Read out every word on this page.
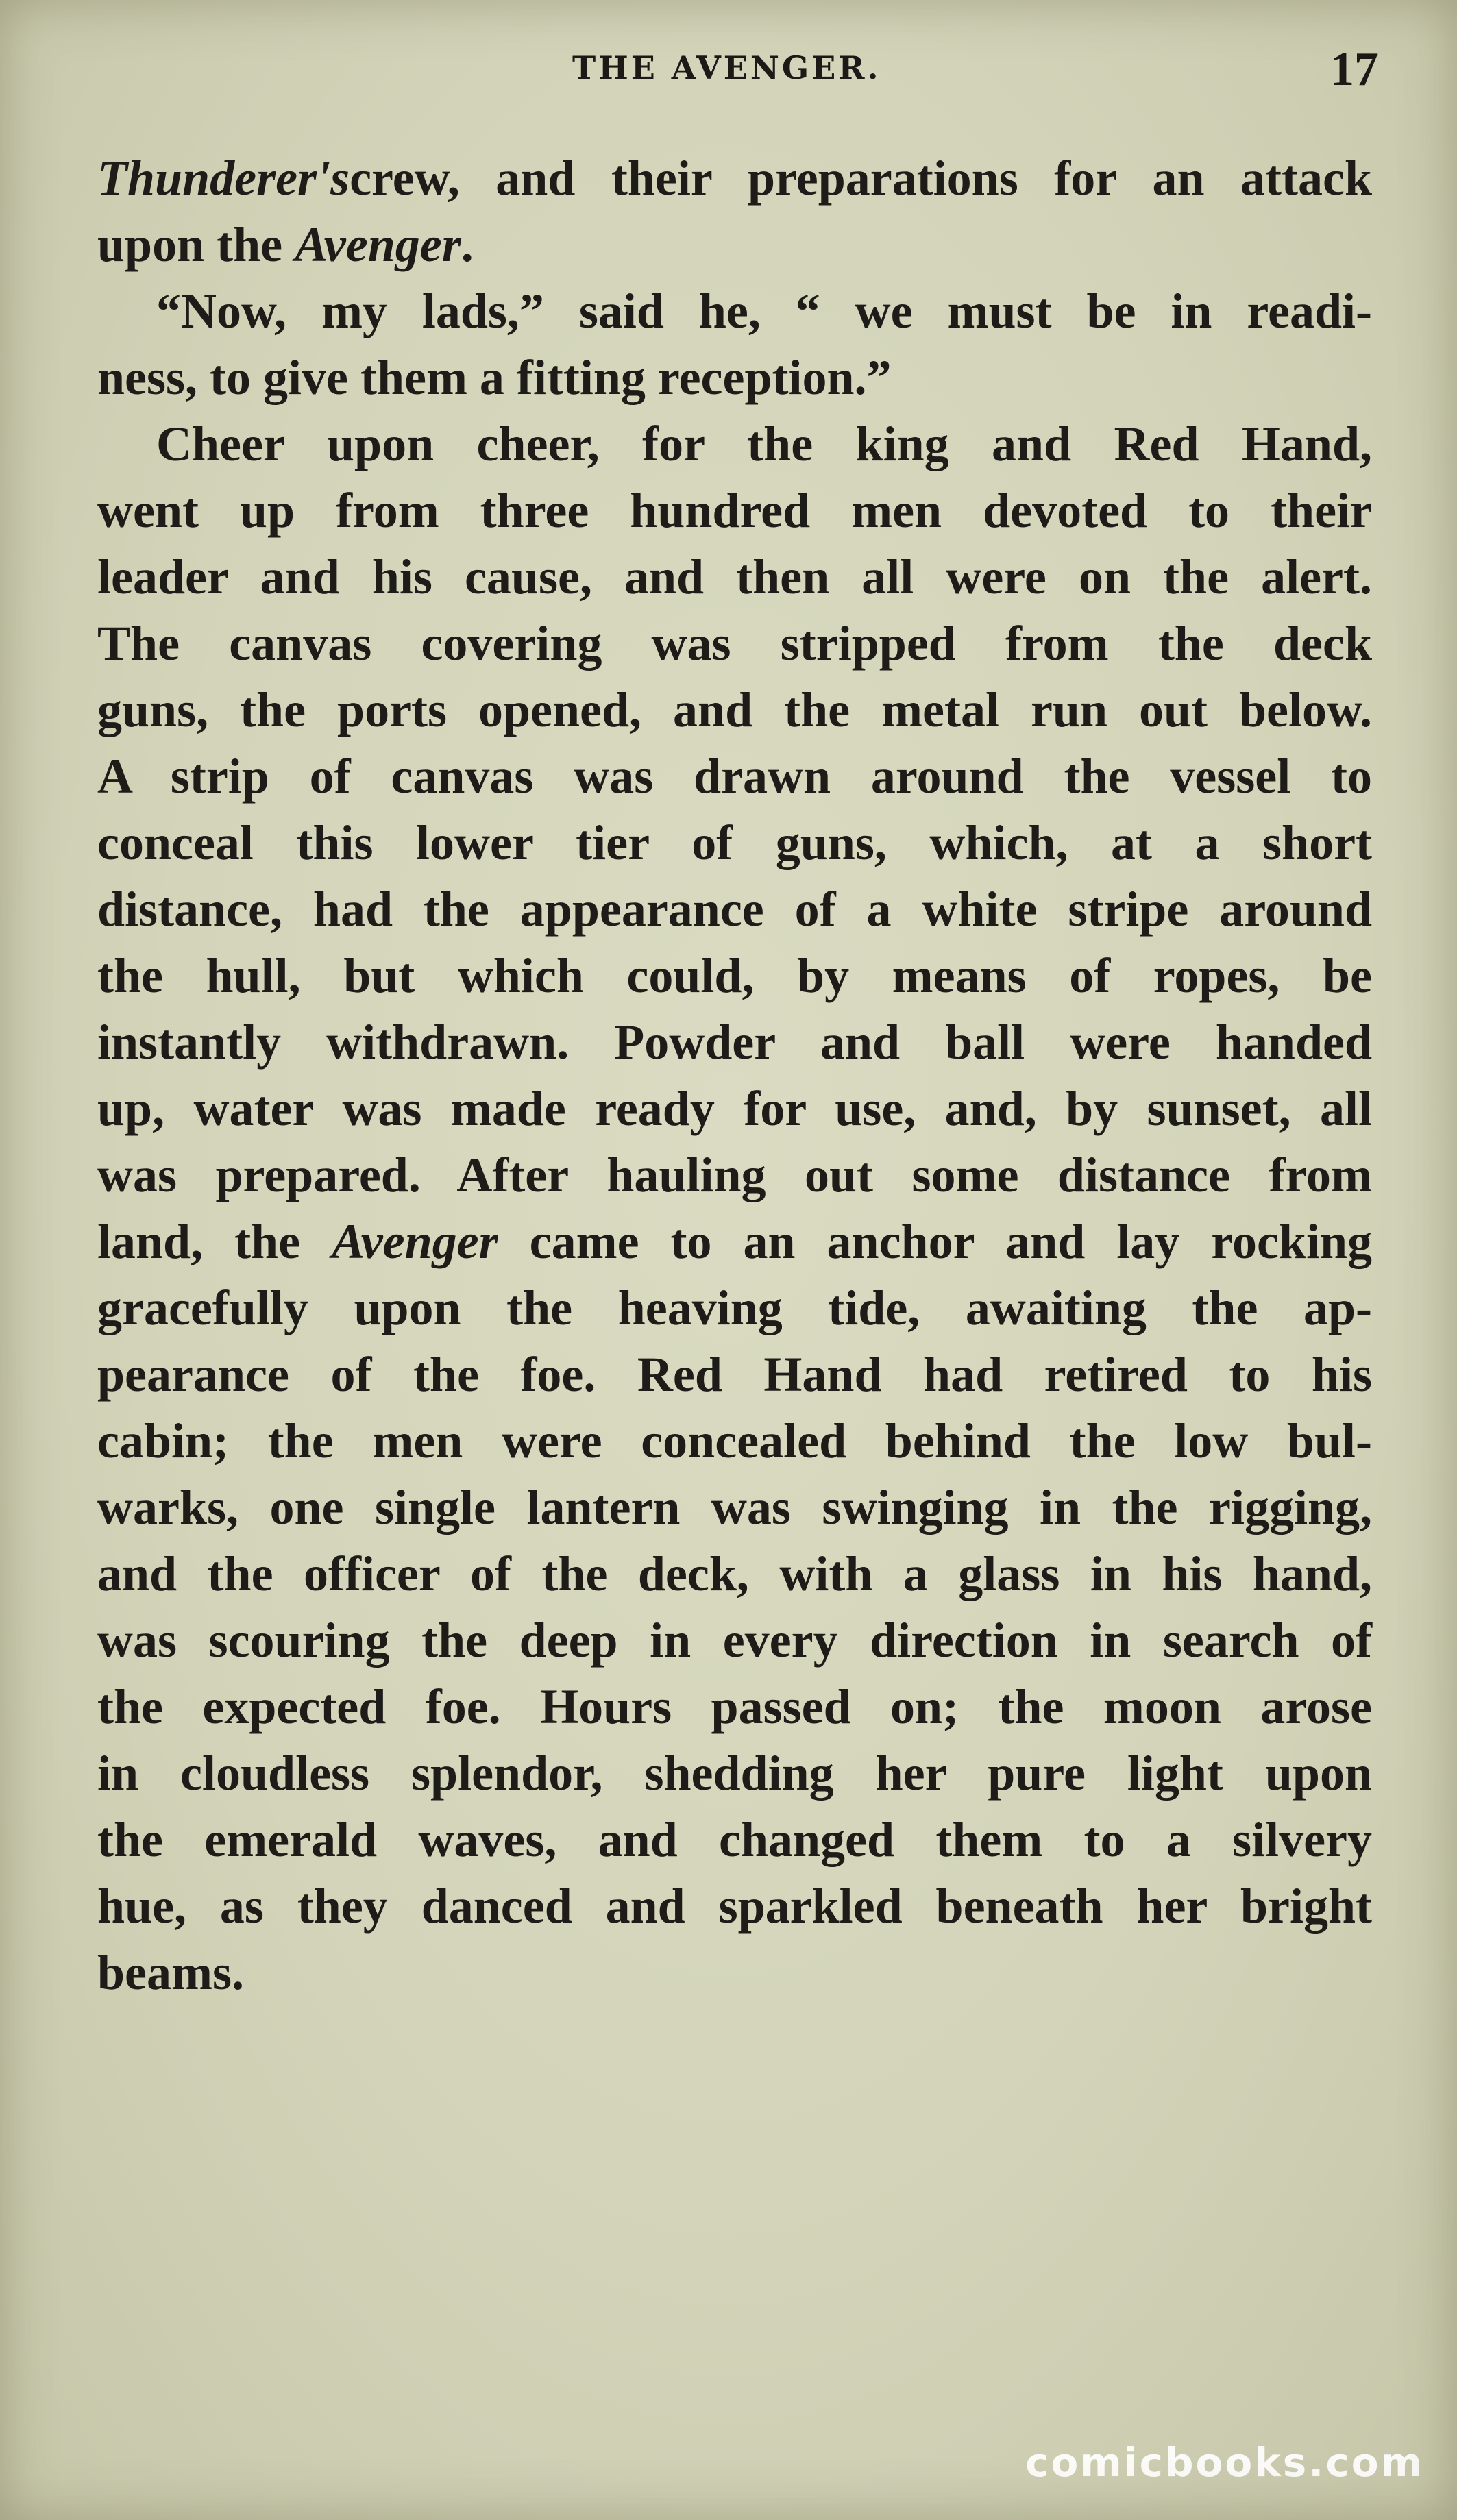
THE AVENGER.	17
Thunderer'screw, and their preparations for an attack
upon the Avenger.
“Now, my lads,” said he, “ we must be in readi-
ness, to give them a fitting reception.”
Cheer upon cheer, for the king and Red Hand,
went up from three hundred men devoted to their
leader and his cause, and then all were on the alert.
The canvas covering was stripped from the deck
guns, the ports opened, and the metal run out below.
A strip of canvas was drawn around the vessel to
conceal this lower tier of guns, which, at a short
distance, had the appearance of a white stripe around
the hull, but which could, by means of ropes, be
instantly withdrawn. Powder and ball were handed
up, water was made ready for use, and, by sunset, all
was prepared. After hauling out some distance from
land, the Avenger came to an anchor and lay rocking
gracefully upon the heaving tide, awaiting the ap-
pearance of the foe. Red Hand had retired to his
cabin; the men were concealed behind the low bul-
warks, one single lantern was swinging in the rigging,
and the officer of the deck, with a glass in his hand,
was scouring the deep in every direction in search of
the expected foe. Hours passed on; the moon arose
in cloudless splendor, shedding her pure light upon
the emerald waves, and changed them to a silvery
hue, as they danced and sparkled beneath her bright
beams.
comicbooks.com
